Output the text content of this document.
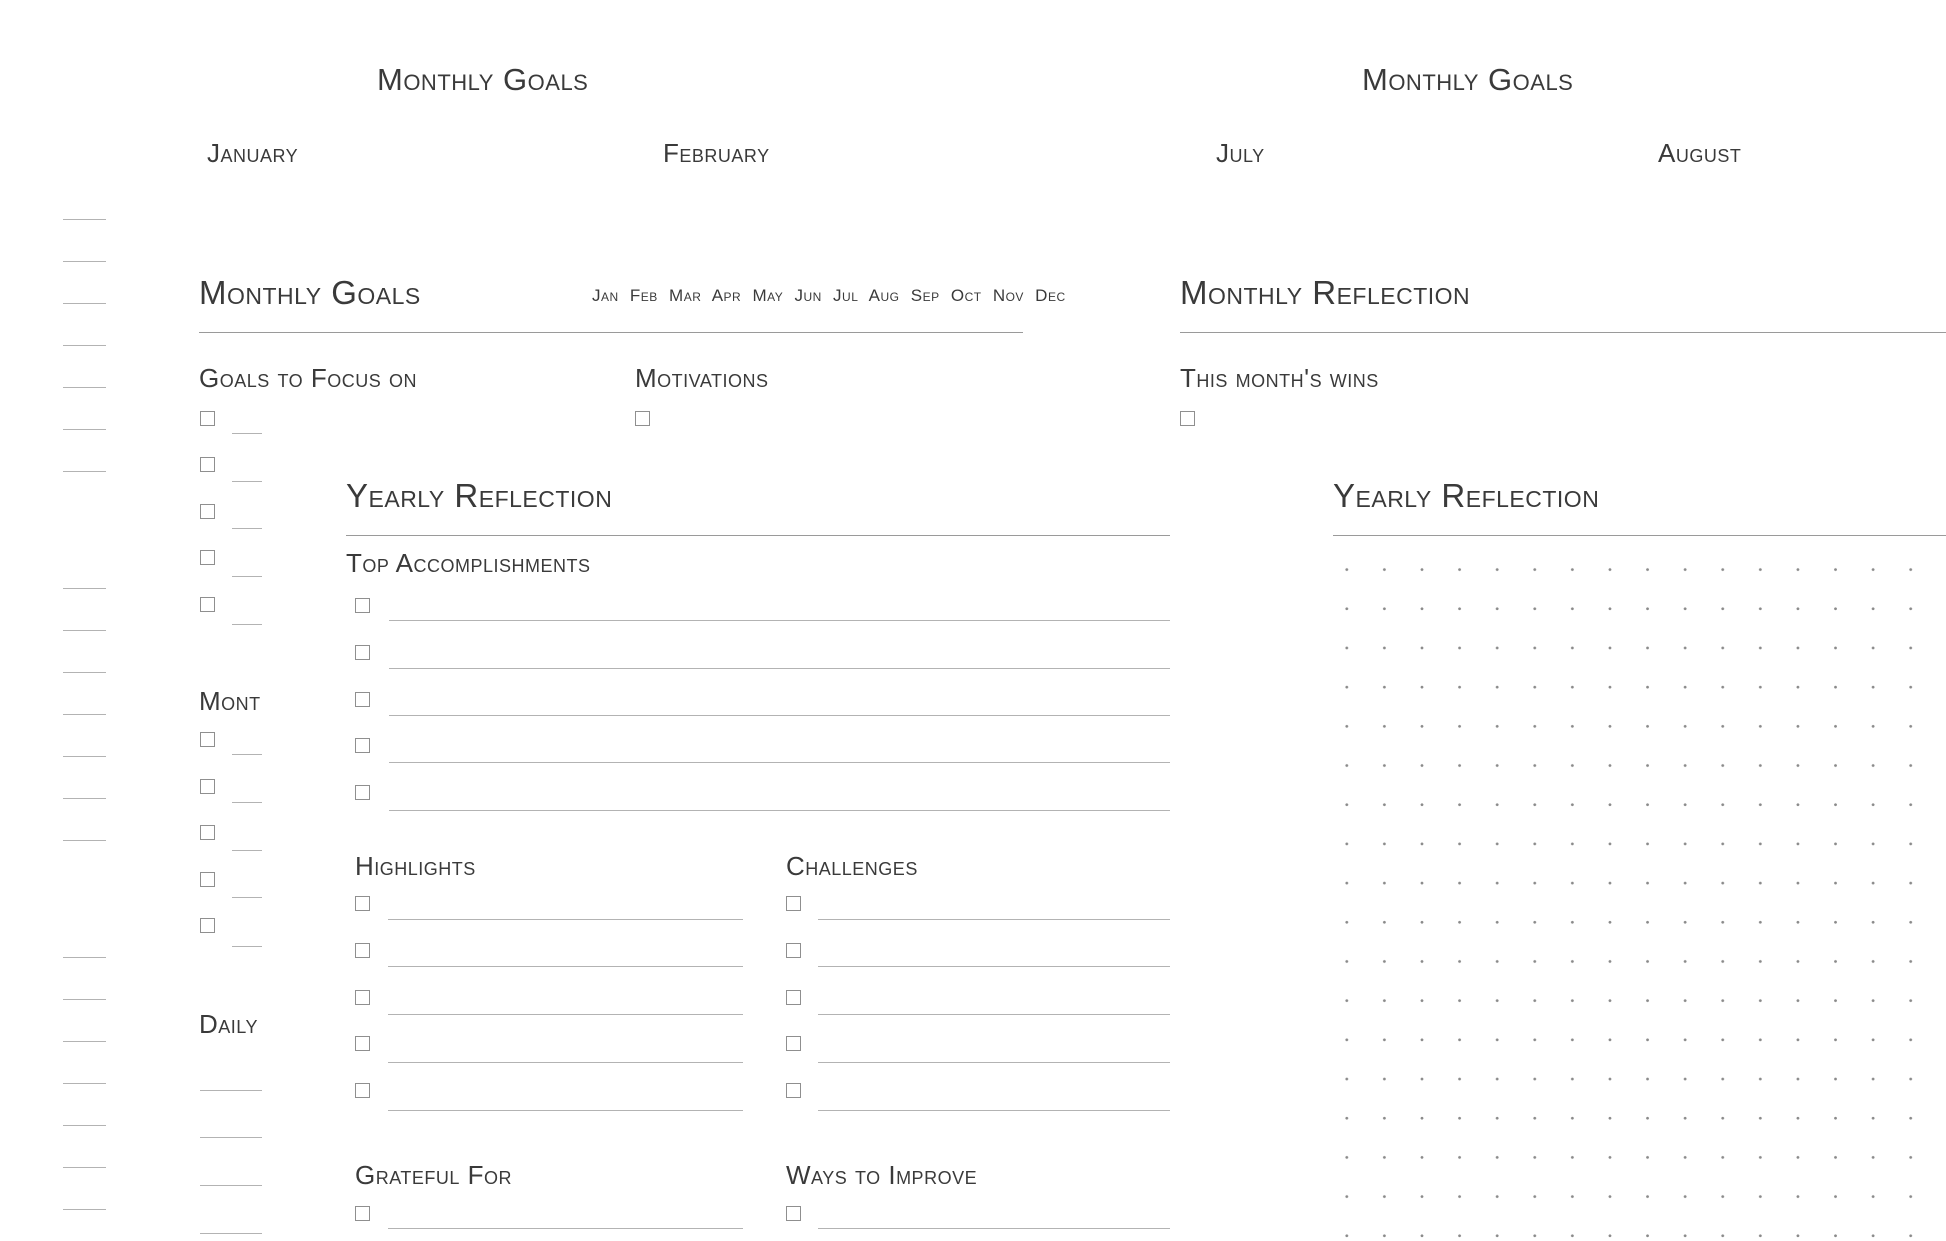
Monthly Goals
January	February
Monthly Goals
July	August
Monthly Goals	Jan Feb Mar Apr May Jun Jul Aug Sep Oct Nov Dec
Goals to Focus on	Motivations
Mont
Daily
Monthly Reflection
This month's wins
Yearly Reflection
Top Accomplishments
Highlights	Challenges
Grateful For	Ways to Improve
Yearly Reflection
